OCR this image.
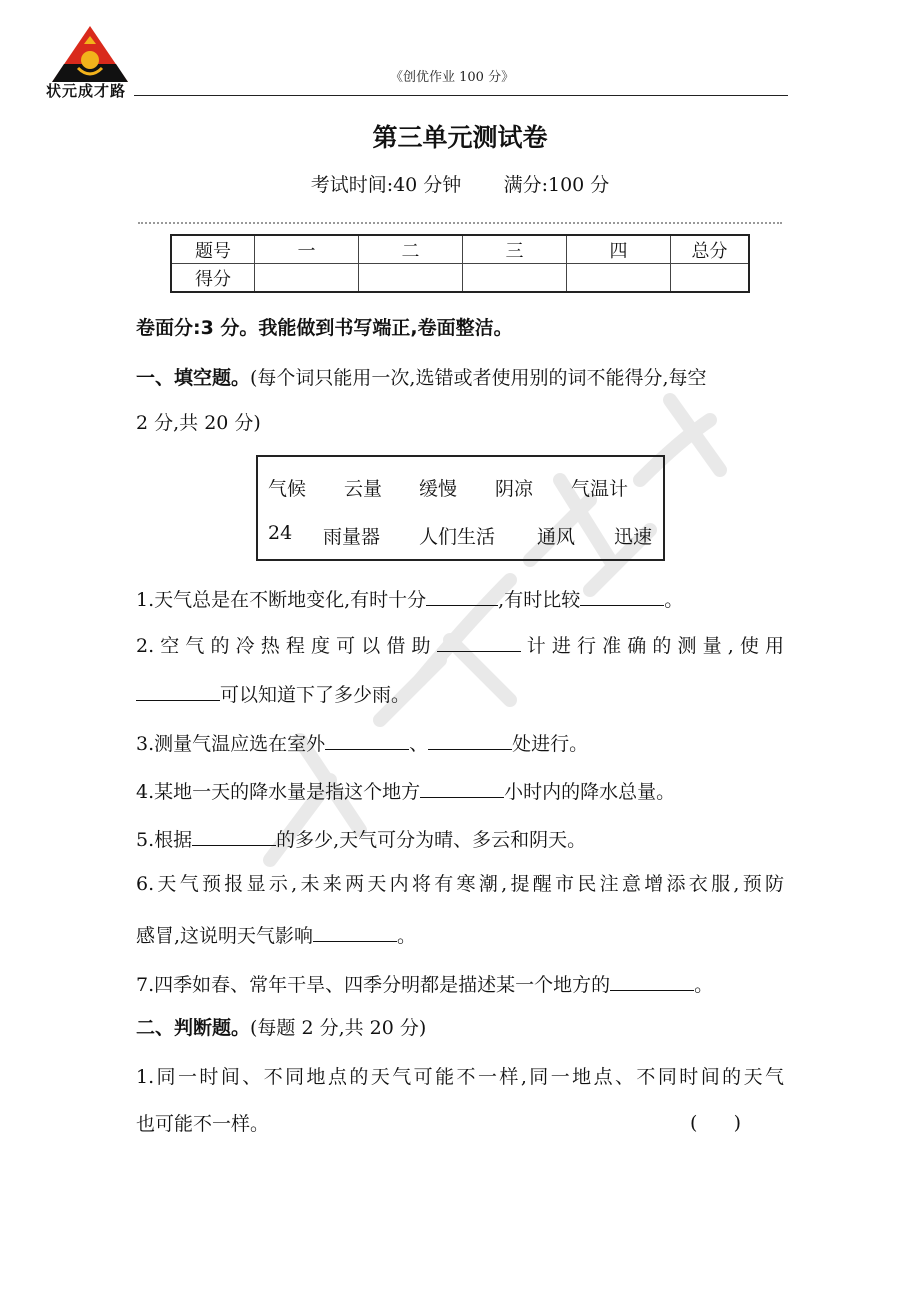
状元成才路
《创优作业 100 分》
第三单元测试卷
考试时间:40 分钟 满分:100 分
题号	一	二	三	四	总分
得分					
卷面分:3 分。我能做到书写端正,卷面整洁。
一、填空题。(每个词只能用一次,选错或者使用别的词不能得分,每空
2 分,共 20 分)
气候 云量 缓慢 阴凉 气温计
24 雨量器 人们生活 通风 迅速
1.天气总是在不断地变化,有时十分	,有时比较	。
2.空气的冷热程度可以借助	计进行准确的测量,使用
可以知道下了多少雨。
3.测量气温应选在室外	、	处进行。
4.某地一天的降水量是指这个地方	小时内的降水总量。
5.根据	的多少,天气可分为晴、多云和阴天。
6.天气预报显示,未来两天内将有寒潮,提醒市民注意增添衣服,预防
感冒,这说明天气影响	。
7.四季如春、常年干旱、四季分明都是描述某一个地方的	。
二、判断题。(每题 2 分,共 20 分)
1.同一时间、不同地点的天气可能不一样,同一地点、不同时间的天气
也可能不一样。	(      )
